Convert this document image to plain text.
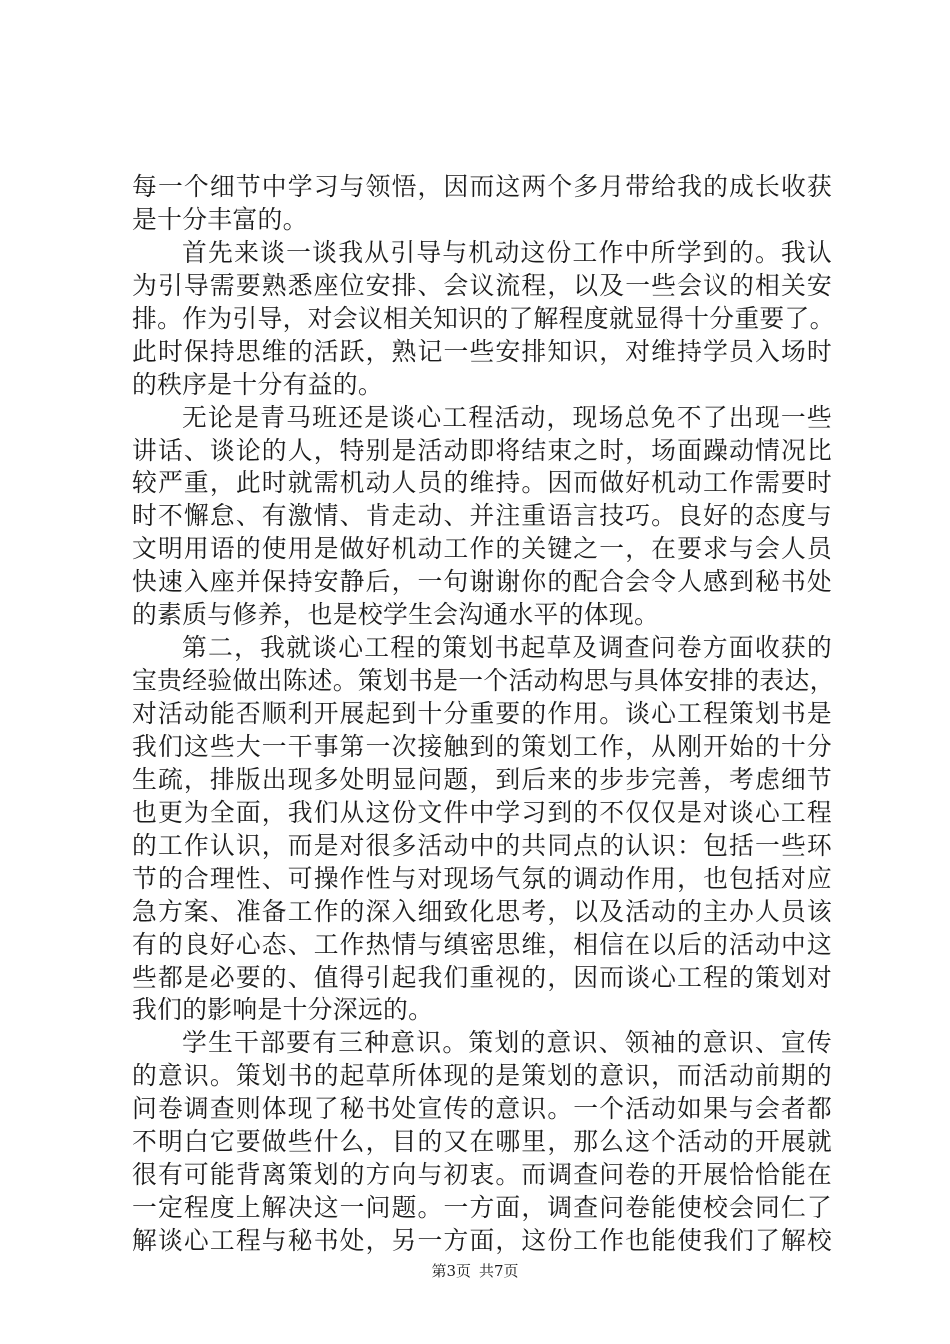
每一个细节中学习与领悟，因而这两个多月带给我的成长收获
是十分丰富的。
首先来谈一谈我从引导与机动这份工作中所学到的。我认
为引导需要熟悉座位安排、会议流程，以及一些会议的相关安
排。作为引导，对会议相关知识的了解程度就显得十分重要了。
此时保持思维的活跃，熟记一些安排知识，对维持学员入场时
的秩序是十分有益的。
无论是青马班还是谈心工程活动，现场总免不了出现一些
讲话、谈论的人，特别是活动即将结束之时，场面躁动情况比
较严重，此时就需机动人员的维持。因而做好机动工作需要时
时不懈怠、有激情、肯走动、并注重语言技巧。良好的态度与
文明用语的使用是做好机动工作的关键之一，在要求与会人员
快速入座并保持安静后，一句谢谢你的配合会令人感到秘书处
的素质与修养，也是校学生会沟通水平的体现。
第二，我就谈心工程的策划书起草及调查问卷方面收获的
宝贵经验做出陈述。策划书是一个活动构思与具体安排的表达，
对活动能否顺利开展起到十分重要的作用。谈心工程策划书是
我们这些大一干事第一次接触到的策划工作，从刚开始的十分
生疏，排版出现多处明显问题，到后来的步步完善，考虑细节
也更为全面，我们从这份文件中学习到的不仅仅是对谈心工程
的工作认识，而是对很多活动中的共同点的认识：包括一些环
节的合理性、可操作性与对现场气氛的调动作用，也包括对应
急方案、准备工作的深入细致化思考，以及活动的主办人员该
有的良好心态、工作热情与缜密思维，相信在以后的活动中这
些都是必要的、值得引起我们重视的，因而谈心工程的策划对
我们的影响是十分深远的。
学生干部要有三种意识。策划的意识、领袖的意识、宣传
的意识。策划书的起草所体现的是策划的意识，而活动前期的
问卷调查则体现了秘书处宣传的意识。一个活动如果与会者都
不明白它要做些什么，目的又在哪里，那么这个活动的开展就
很有可能背离策划的方向与初衷。而调查问卷的开展恰恰能在
一定程度上解决这一问题。一方面，调查问卷能使校会同仁了
解谈心工程与秘书处，另一方面，这份工作也能使我们了解校
第3页 共7页
